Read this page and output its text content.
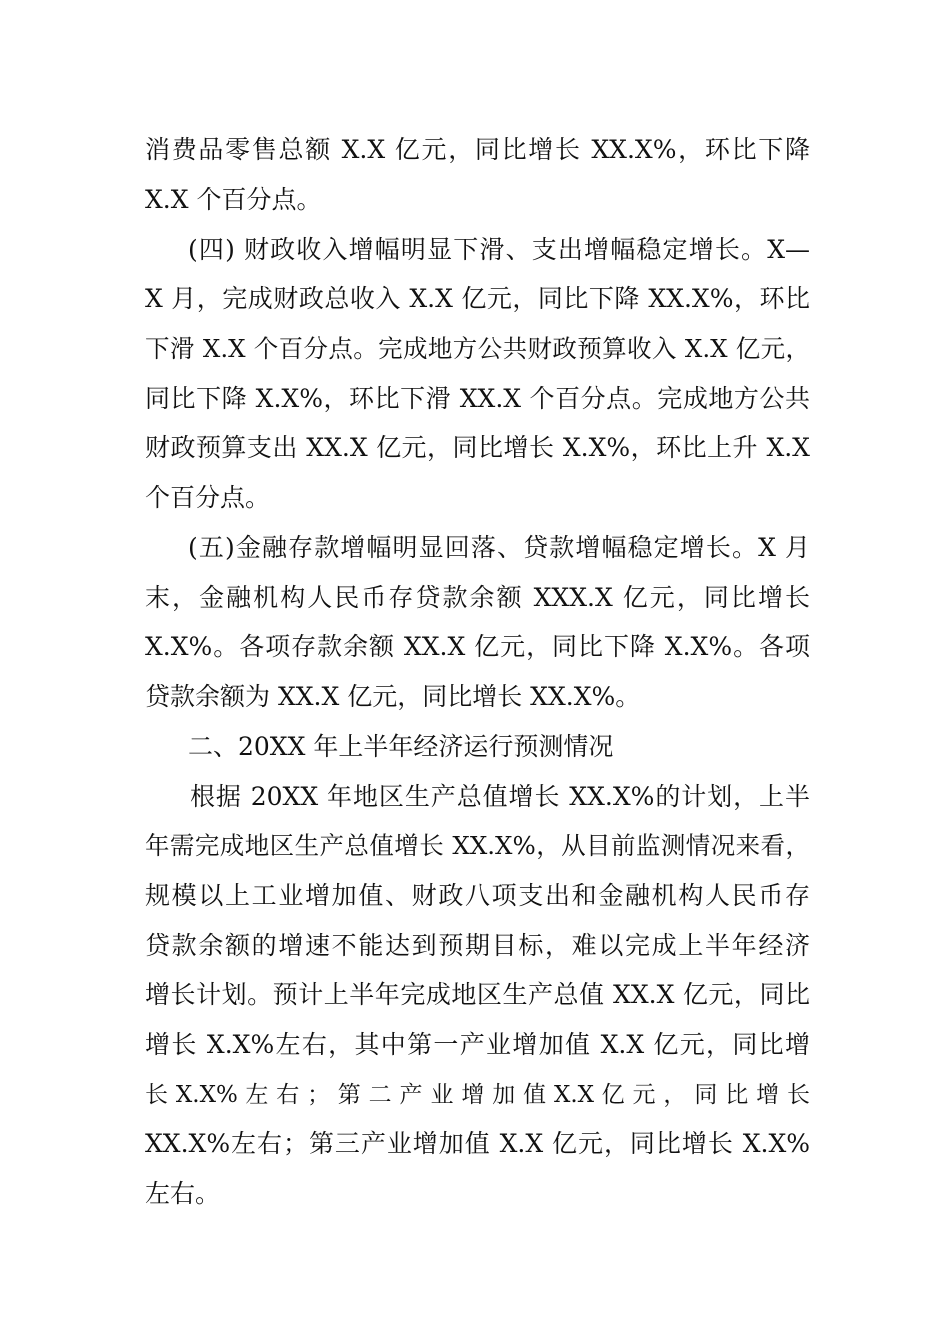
消费品零售总额 X.X 亿元，同比增长 XX.X%，环比下降
X.X 个百分点。
(四) 财政收入增幅明显下滑、支出增幅稳定增长。X—
X 月，完成财政总收入 X.X 亿元，同比下降 XX.X%，环比
下滑 X.X 个百分点。完成地方公共财政预算收入 X.X 亿元，
同比下降 X.X%，环比下滑 XX.X 个百分点。完成地方公共
财政预算支出 XX.X 亿元，同比增长 X.X%，环比上升 X.X
个百分点。
(五)金融存款增幅明显回落、贷款增幅稳定增长。X 月
末，金融机构人民币存贷款余额 XXX.X 亿元，同比增长
X.X%。各项存款余额 XX.X 亿元，同比下降 X.X%。各项
贷款余额为 XX.X 亿元，同比增长 XX.X%。
二、20XX 年上半年经济运行预测情况
根据 20XX 年地区生产总值增长 XX.X%的计划，上半
年需完成地区生产总值增长 XX.X%，从目前监测情况来看，
规模以上工业增加值、财政八项支出和金融机构人民币存
贷款余额的增速不能达到预期目标，难以完成上半年经济
增长计划。预计上半年完成地区生产总值 XX.X 亿元，同比
增长 X.X%左右，其中第一产业增加值 X.X 亿元，同比增
长 X.X% 左 右 ； 第 二 产 业 增 加 值 X.X 亿 元 ， 同 比 增 长
XX.X%左右；第三产业增加值 X.X 亿元，同比增长 X.X%
左右。
